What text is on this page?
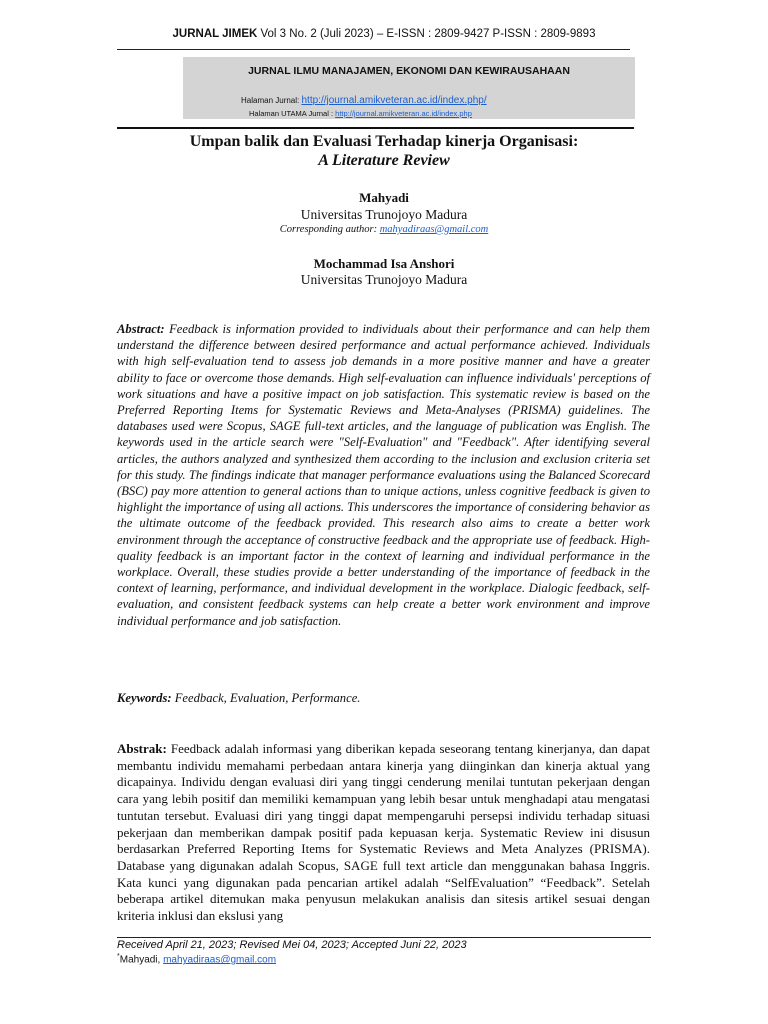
JURNAL JIMEK Vol 3 No. 2 (Juli 2023) – E-ISSN : 2809-9427 P-ISSN : 2809-9893
JURNAL ILMU MANAJAMEN, EKONOMI DAN KEWIRAUSAHAAN
Halaman Jurnal: http://journal.amikveteran.ac.id/index.php/
Halaman UTAMA Jurnal : http://journal.amikveteran.ac.id/index.php
Umpan balik dan Evaluasi Terhadap kinerja Organisasi:
A Literature Review
Mahyadi
Universitas Trunojoyo Madura
Corresponding author: mahyadiraas@gmail.com
Mochammad Isa Anshori
Universitas Trunojoyo Madura
Abstract: Feedback is information provided to individuals about their performance and can help them understand the difference between desired performance and actual performance achieved. Individuals with high self-evaluation tend to assess job demands in a more positive manner and have a greater ability to face or overcome those demands. High self-evaluation can influence individuals' perceptions of work situations and have a positive impact on job satisfaction. This systematic review is based on the Preferred Reporting Items for Systematic Reviews and Meta-Analyses (PRISMA) guidelines. The databases used were Scopus, SAGE full-text articles, and the language of publication was English. The keywords used in the article search were "Self-Evaluation" and "Feedback". After identifying several articles, the authors analyzed and synthesized them according to the inclusion and exclusion criteria set for this study. The findings indicate that manager performance evaluations using the Balanced Scorecard (BSC) pay more attention to general actions than to unique actions, unless cognitive feedback is given to highlight the importance of using all actions. This underscores the importance of considering behavior as the ultimate outcome of the feedback provided. This research also aims to create a better work environment through the acceptance of constructive feedback and the appropriate use of feedback. High-quality feedback is an important factor in the context of learning and individual performance in the workplace. Overall, these studies provide a better understanding of the importance of feedback in the context of learning, performance, and individual development in the workplace. Dialogic feedback, self-evaluation, and consistent feedback systems can help create a better work environment and improve individual performance and job satisfaction.
Keywords: Feedback, Evaluation, Performance.
Abstrak: Feedback adalah informasi yang diberikan kepada seseorang tentang kinerjanya, dan dapat membantu individu memahami perbedaan antara kinerja yang diinginkan dan kinerja aktual yang dicapainya. Individu dengan evaluasi diri yang tinggi cenderung menilai tuntutan pekerjaan dengan cara yang lebih positif dan memiliki kemampuan yang lebih besar untuk menghadapi atau mengatasi tuntutan tersebut. Evaluasi diri yang tinggi dapat mempengaruhi persepsi individu terhadap situasi pekerjaan dan memberikan dampak positif pada kepuasan kerja. Systematic Review ini disusun berdasarkan Preferred Reporting Items for Systematic Reviews and Meta Analyzes (PRISMA). Database yang digunakan adalah Scopus, SAGE full text article dan menggunakan bahasa Inggris. Kata kunci yang digunakan pada pencarian artikel adalah “SelfEvaluation” “Feedback”. Setelah beberapa artikel ditemukan maka penyusun melakukan analisis dan sitesis artikel sesuai dengan kriteria inklusi dan ekslusi yang
Received April 21, 2023; Revised Mei 04, 2023; Accepted Juni 22, 2023
*Mahyadi, mahyadiraas@gmail.com
